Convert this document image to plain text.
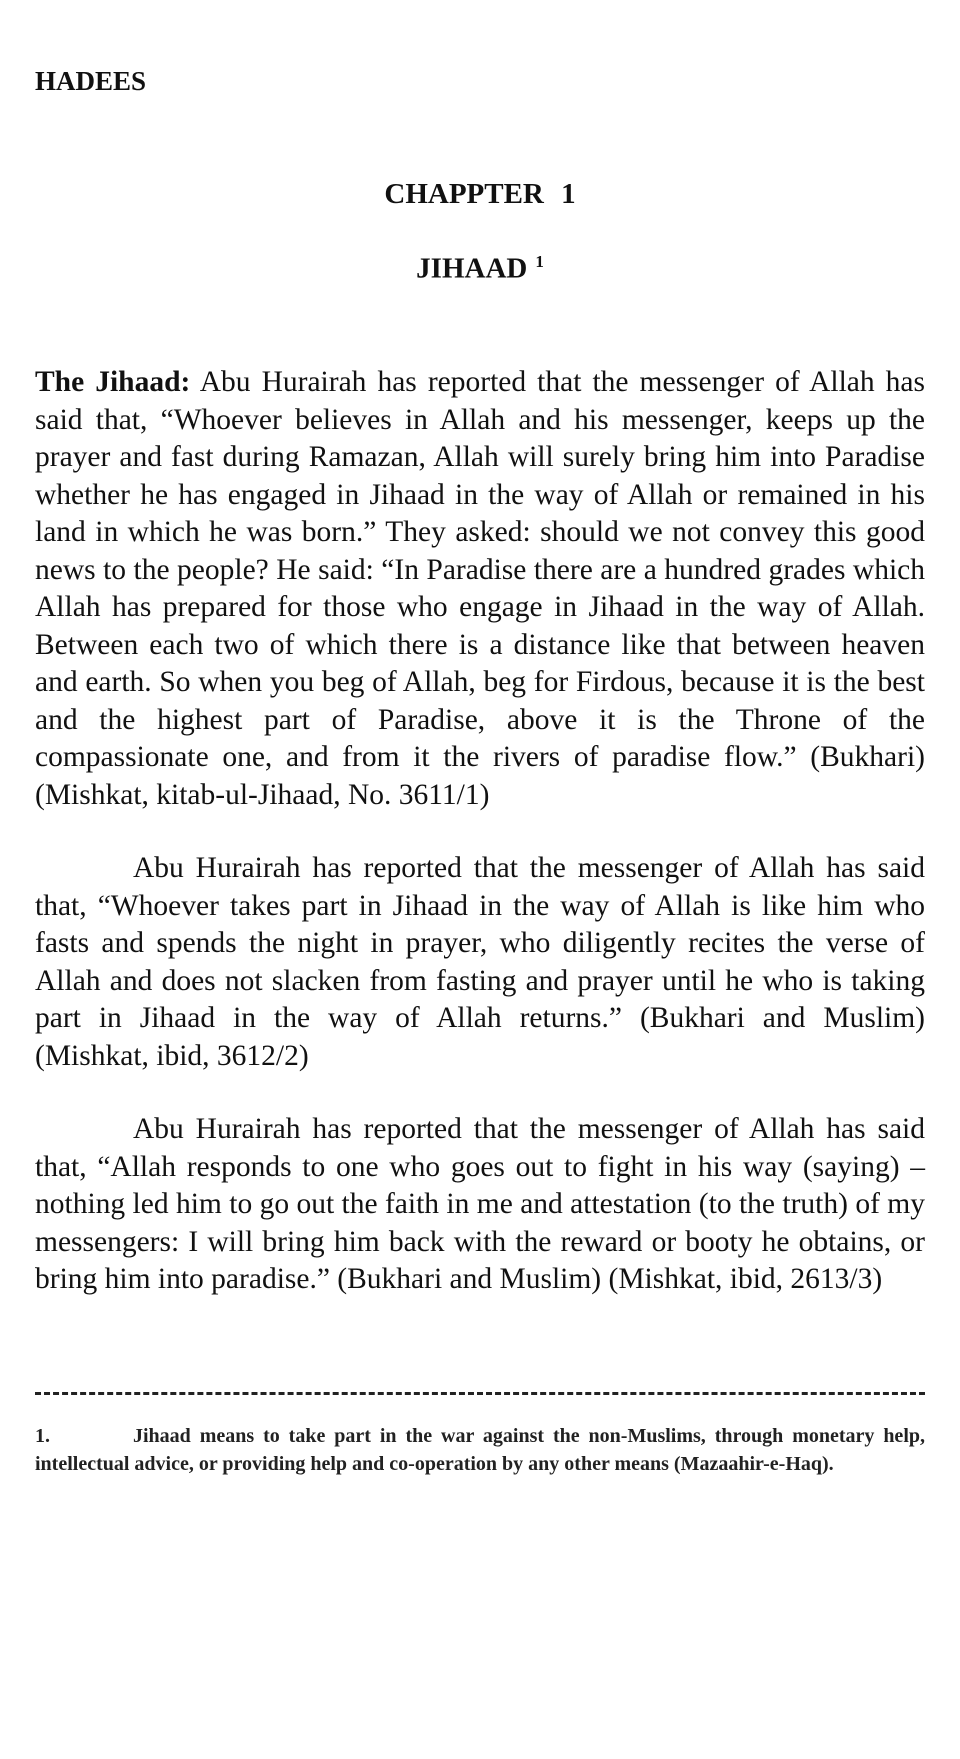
HADEES
CHAPPTER 1
JIHAAD $^1$

The Jihaad: Abu Hurairah has reported that the messenger of Allah has said that, “Whoever believes in Allah and his messenger, keeps up the prayer and fast during Ramazan, Allah will surely bring him into Paradise whether he has engaged in Jihaad in the way of Allah or remained in his land in which he was born.” They asked: should we not convey this good news to the people? He said: “In Paradise there are a hundred grades which Allah has prepared for those who engage in Jihaad in the way of Allah. Between each two of which there is a distance like that between heaven and earth. So when you beg of Allah, beg for Firdous, because it is the best and the highest part of Paradise, above it is the Throne of the compassionate one, and from it the rivers of paradise flow.” (Bukhari) (Mishkat, kitab-ul-Jihaad, No. 3611/1)

Abu Hurairah has reported that the messenger of Allah has said that, “Whoever takes part in Jihaad in the way of Allah is like him who fasts and spends the night in prayer, who diligently recites the verse of Allah and does not slacken from fasting and prayer until he who is taking part in Jihaad in the way of Allah returns.” (Bukhari and Muslim) (Mishkat, ibid, 3612/2)

Abu Hurairah has reported that the messenger of Allah has said that, “Allah responds to one who goes out to fight in his way (saying) – nothing led him to go out the faith in me and attestation (to the truth) of my messengers: I will bring him back with the reward or booty he obtains, or bring him into paradise.” (Bukhari and Muslim) (Mishkat, ibid, 2613/3)

1.	Jihaad means to take part in the war against the non-Muslims, through monetary help, intellectual advice, or providing help and co-operation by any other means (Mazaahir-e-Haq).
